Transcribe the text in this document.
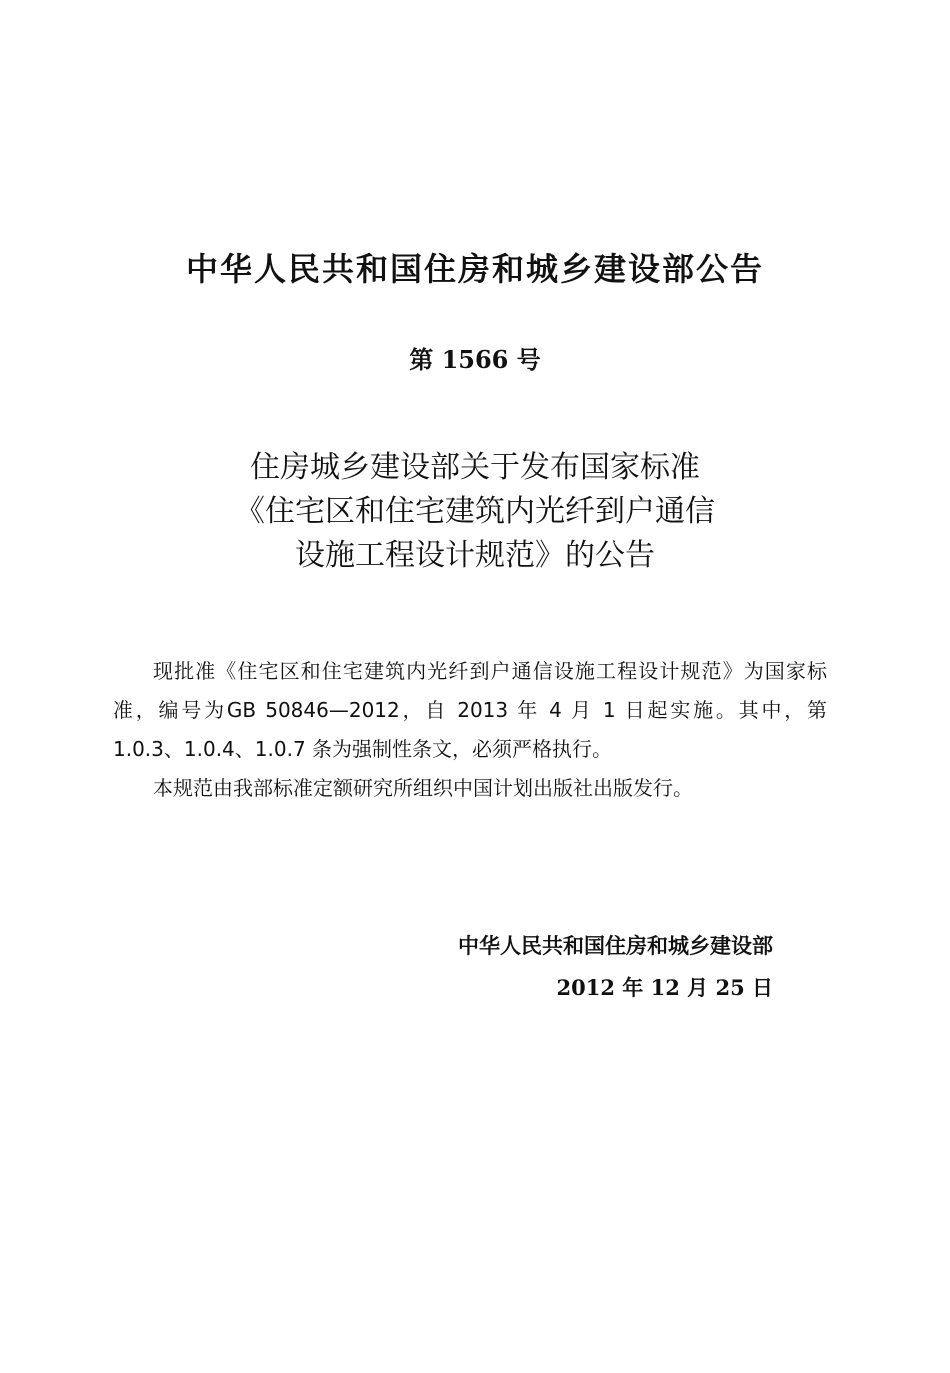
中华人民共和国住房和城乡建设部公告
第 1566 号
住房城乡建设部关于发布国家标准
《住宅区和住宅建筑内光纤到户通信
设施工程设计规范》的公告

现批准《住宅区和住宅建筑内光纤到户通信设施工程设计规范》为国家标准，编号为GB 50846—2012，自 2013 年 4 月 1 日起实施。其中，第 1.0.3、1.0.4、1.0.7 条为强制性条文，必须严格执行。

本规范由我部标准定额研究所组织中国计划出版社出版发行。

中华人民共和国住房和城乡建设部
2012 年 12 月 25 日
